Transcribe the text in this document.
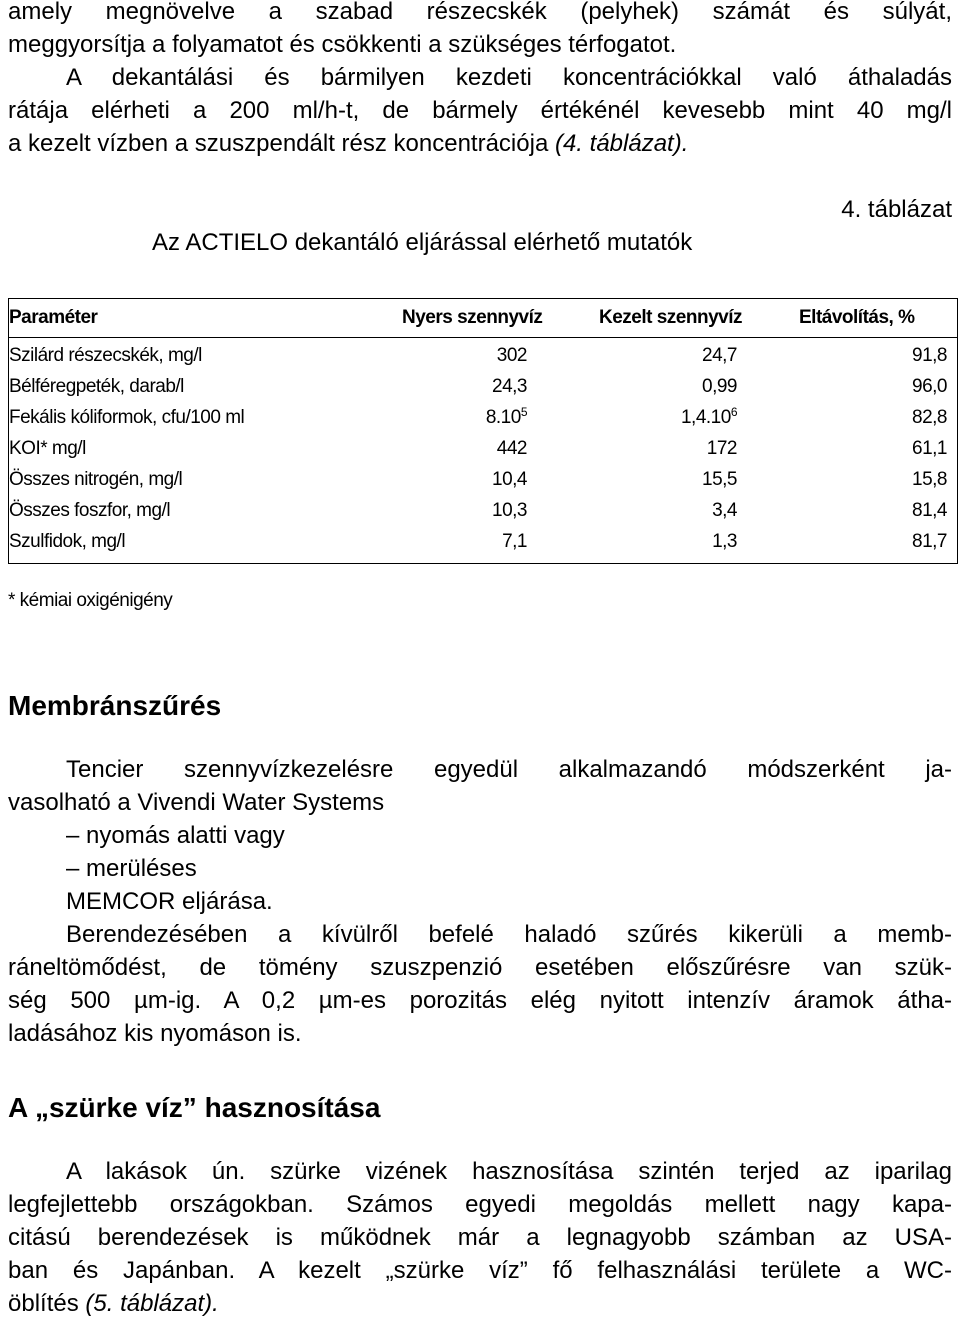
amely megnövelve a szabad részecskék (pelyhek) számát és súlyát,
meggyorsítja a folyamatot és csökkenti a szükséges térfogatot.
A dekantálási és bármilyen kezdeti koncentrációkkal való áthaladás
rátája elérheti a 200 ml/h-t, de bármely értékénél kevesebb mint 40 mg/l
a kezelt vízben a szuszpendált rész koncentrációja (4. táblázat).

4. táblázat
Az ACTIELO dekantáló eljárással elérhető mutatók
Paraméter	Nyers szennyvíz	Kezelt szennyvíz	Eltávolítás, %
Szilárd részecskék, mg/l	302	24,7	91,8
Bélféregpeték, darab/l	24,3	0,99	96,0
Fekális kóliformok, cfu/100 ml	8.10$^5$	1,4.10$^6$	82,8
KOI* mg/l	442	172	61,1
Összes nitrogén, mg/l	10,4	15,5	15,8
Összes foszfor, mg/l	10,3	3,4	81,4
Szulfidok, mg/l	7,1	1,3	81,7
* kémiai oxigénigény
Membránszűrés

Tencier szennyvízkezelésre egyedül alkalmazandó módszerként ja-
vasolható a Vivendi Water Systems
– nyomás alatti vagy
– merüléses
MEMCOR eljárása.
Berendezésében a kívülről befelé haladó szűrés kikerüli a memb-
ráneltömődést, de tömény szuszpenzió esetében előszűrésre van szük-
ség 500 µm-ig. A 0,2 µm-es porozitás elég nyitott intenzív áramok átha-
ladásához kis nyomáson is.

A „szürke víz” hasznosítása

A lakások ún. szürke vizének hasznosítása szintén terjed az iparilag
legfejlettebb országokban. Számos egyedi megoldás mellett nagy kapa-
citású berendezések is működnek már a legnagyobb számban az USA-
ban és Japánban. A kezelt „szürke víz” fő felhasználási területe a WC-
öblítés (5. táblázat).
